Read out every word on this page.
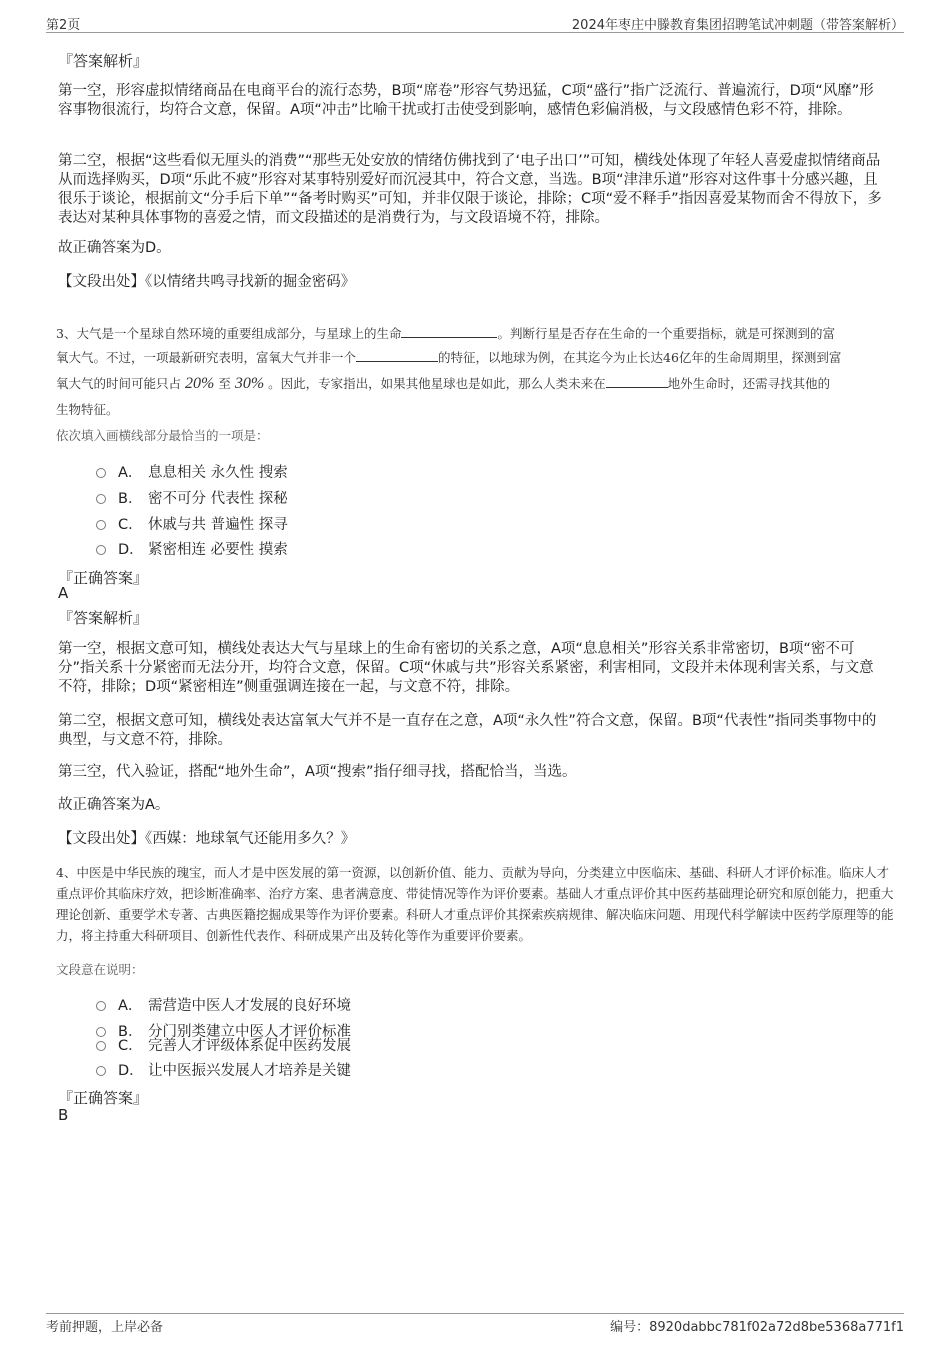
第2页	2024年枣庄中滕教育集团招聘笔试冲刺题（带答案解析）
『答案解析』
第一空，形容虚拟情绪商品在电商平台的流行态势，B项“席卷”形容气势迅猛，C项“盛行”指广泛流行、普遍流行，D项“风靡”形容事物很流行，均符合文意，保留。A项“冲击”比喻干扰或打击使受到影响，感情色彩偏消极，与文段感情色彩不符，排除。
第二空，根据“这些看似无厘头的消费”“那些无处安放的情绪仿佛找到了‘电子出口’”可知，横线处体现了年轻人喜爱虚拟情绪商品从而选择购买，D项“乐此不疲”形容对某事特别爱好而沉浸其中，符合文意，当选。B项“津津乐道”形容对这件事十分感兴趣，且很乐于谈论，根据前文“分手后下单”“备考时购买”可知，并非仅限于谈论，排除；C项“爱不释手”指因喜爱某物而舍不得放下，多表达对某种具体事物的喜爱之情，而文段描述的是消费行为，与文段语境不符，排除。
故正确答案为D。
【文段出处】《以情绪共鸣寻找新的掘金密码》
3、大气是一个星球自然环境的重要组成部分，与星球上的生命	。判断行星是否存在生命的一个重要指标，就是可探测到的富
氧大气。不过，一项最新研究表明，富氧大气并非一个	的特征，以地球为例，在其迄今为止长达46亿年的生命周期里，探测到富
氧大气的时间可能只占 20% 至 30% 。因此，专家指出，如果其他星球也是如此，那么人类未来在	地外生命时，还需寻找其他的
生物特征。
依次填入画横线部分最恰当的一项是：
A． 息息相关 永久性 搜索
B． 密不可分 代表性 探秘
C． 休戚与共 普遍性 探寻
D． 紧密相连 必要性 摸索
『正确答案』
A
『答案解析』
第一空，根据文意可知，横线处表达大气与星球上的生命有密切的关系之意，A项“息息相关”形容关系非常密切，B项“密不可分”指关系十分紧密而无法分开，均符合文意，保留。C项“休戚与共”形容关系紧密，利害相同，文段并未体现利害关系，与文意不符，排除；D项“紧密相连”侧重强调连接在一起，与文意不符，排除。
第二空，根据文意可知，横线处表达富氧大气并不是一直存在之意，A项“永久性”符合文意，保留。B项“代表性”指同类事物中的典型，与文意不符，排除。
第三空，代入验证，搭配“地外生命”，A项“搜索”指仔细寻找，搭配恰当，当选。
故正确答案为A。
【文段出处】《西媒：地球氧气还能用多久？》
4、中医是中华民族的瑰宝，而人才是中医发展的第一资源，以创新价值、能力、贡献为导向，分类建立中医临床、基础、科研人才评价标准。临床人才重点评价其临床疗效，把诊断准确率、治疗方案、患者满意度、带徒情况等作为评价要素。基础人才重点评价其中医药基础理论研究和原创能力，把重大理论创新、重要学术专著、古典医籍挖掘成果等作为评价要素。科研人才重点评价其探索疾病规律、解决临床问题、用现代科学解读中医药学原理等的能力，将主持重大科研项目、创新性代表作、科研成果产出及转化等作为重要评价要素。
文段意在说明：
A． 需营造中医人才发展的良好环境
B． 分门别类建立中医人才评价标准
C． 完善人才评级体系促中医药发展
D． 让中医振兴发展人才培养是关键
『正确答案』
B
考前押题，上岸必备	编号：8920dabbc781f02a72d8be5368a771f1
